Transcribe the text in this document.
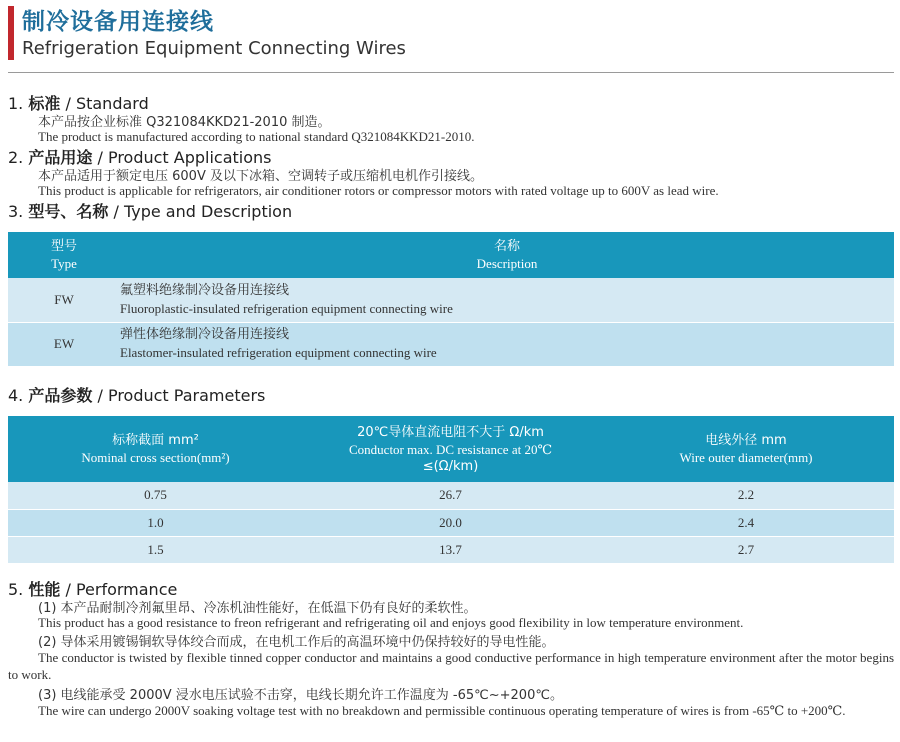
制冷设备用连接线
Refrigeration Equipment Connecting Wires
1. 标准 / Standard
本产品按企业标准 Q321084KKD21-2010 制造。
The product is manufactured according to national standard Q321084KKD21-2010.
2. 产品用途 / Product Applications
本产品适用于额定电压 600V 及以下冰箱、空调转子或压缩机电机作引接线。
This product is applicable for refrigerators, air conditioner rotors or compressor motors with rated voltage up to 600V as lead wire.
3. 型号、名称 / Type and Description
型号
Type	名称
Description

FW	氟塑料绝缘制冷设备用连接线
Fluoroplastic-insulated refrigeration equipment connecting wire

EW	弹性体绝缘制冷设备用连接线
Elastomer-insulated refrigeration equipment connecting wire
4. 产品参数 / Product Parameters
标称截面 mm²
Nominal cross section(mm²)	20℃导体直流电阻不大于 Ω/km
Conductor max. DC resistance at 20℃
≤(Ω/km)	电线外径 mm
Wire outer diameter(mm)

0.75	26.7	2.2
1.0	20.0	2.4
1.5	13.7	2.7
5. 性能 / Performance
(1) 本产品耐制冷剂氟里昂、冷冻机油性能好，在低温下仍有良好的柔软性。
This product has a good resistance to freon refrigerant and refrigerating oil and enjoys good flexibility in low temperature environment.
(2) 导体采用镀锡铜软导体绞合而成，在电机工作后的高温环境中仍保持较好的导电性能。
The conductor is twisted by flexible tinned copper conductor and maintains a good conductive performance in high temperature environment after the motor begins to work.
(3) 电线能承受 2000V 浸水电压试验不击穿，电线长期允许工作温度为 -65℃~+200℃。
The wire can undergo 2000V soaking voltage test with no breakdown and permissible continuous operating temperature of wires is from -65℃ to +200℃.
